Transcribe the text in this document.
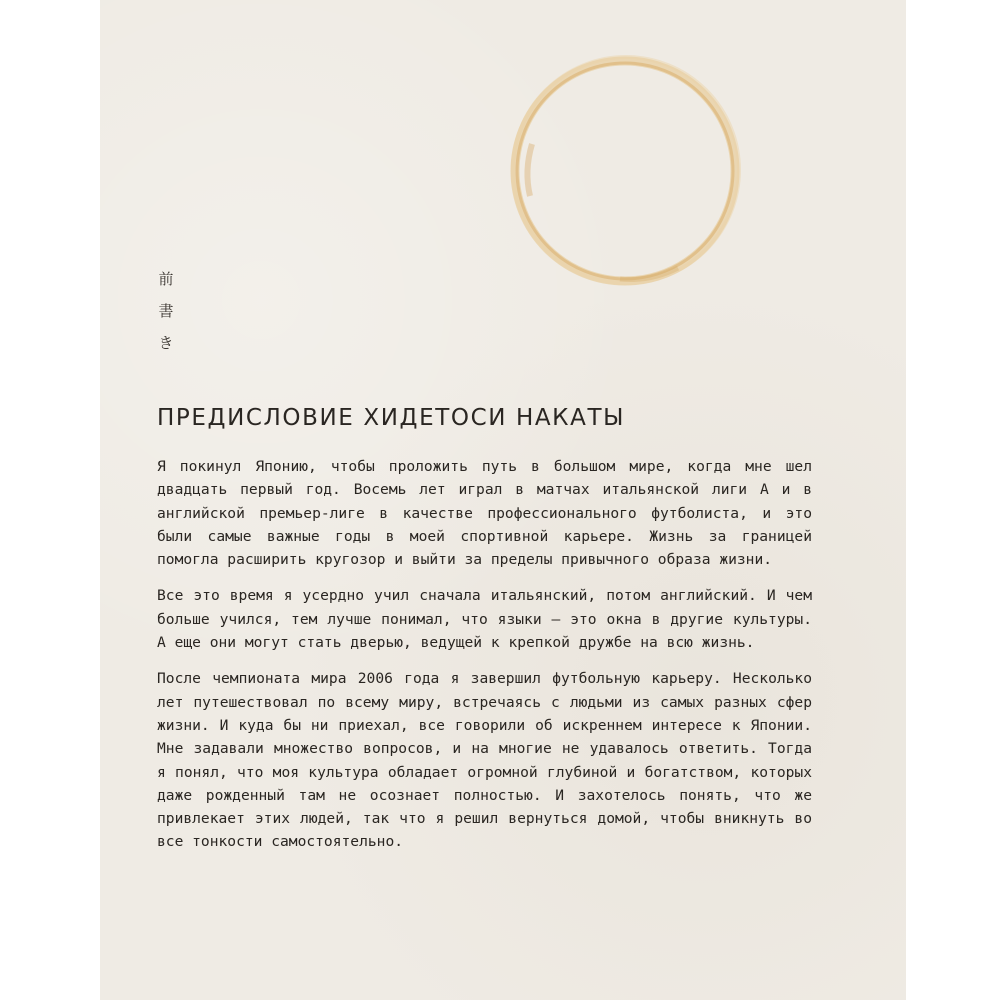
前
書
き
ПРЕДИСЛОВИЕ ХИДЕТОСИ НАКАТЫ

Я покинул Японию, чтобы проложить путь в большом мире, когда мне шел двадцать первый год. Восемь лет играл в матчах итальянской лиги А и в английской премьер-лиге в качестве профессионального футболиста, и это были самые важные годы в моей спортивной карьере. Жизнь за границей помогла расширить кругозор и выйти за пределы привычного образа жизни.

Все это время я усердно учил сначала итальянский, потом английский. И чем больше учился, тем лучше понимал, что языки — это окна в другие культуры. А еще они могут стать дверью, ведущей к крепкой дружбе на всю жизнь.

После чемпионата мира 2006 года я завершил футбольную карьеру. Несколько лет путешествовал по всему миру, встречаясь с людьми из самых разных сфер жизни. И куда бы ни приехал, все говорили об искреннем интересе к Японии. Мне задавали множество вопросов, и на многие не удавалось ответить. Тогда я понял, что моя культура обладает огромной глубиной и богатством, которых даже рожденный там не осознает полностью. И захотелось понять, что же привлекает этих людей, так что я решил вернуться домой, чтобы вникнуть во все тонкости самостоятельно.
